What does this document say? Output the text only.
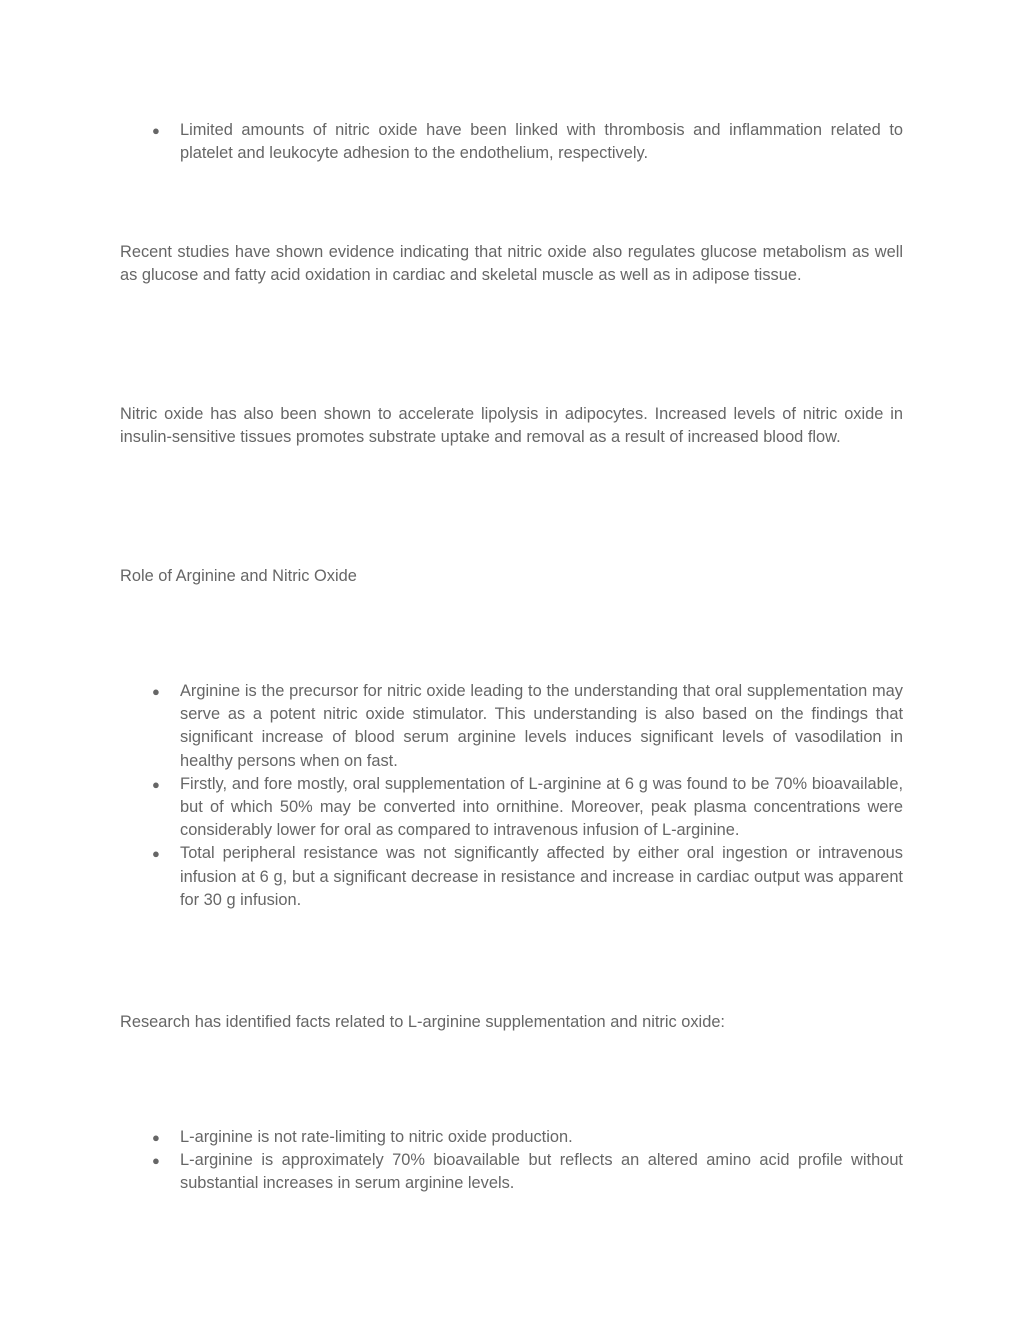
● Limited amounts of nitric oxide have been linked with thrombosis and inflammation related to platelet and leukocyte adhesion to the endothelium, respectively.

Recent studies have shown evidence indicating that nitric oxide also regulates glucose metabolism as well as glucose and fatty acid oxidation in cardiac and skeletal muscle as well as in adipose tissue.

Nitric oxide has also been shown to accelerate lipolysis in adipocytes. Increased levels of nitric oxide in insulin-sensitive tissues promotes substrate uptake and removal as a result of increased blood flow.

Role of Arginine and Nitric Oxide

● Arginine is the precursor for nitric oxide leading to the understanding that oral supplementation may serve as a potent nitric oxide stimulator. This understanding is also based on the findings that significant increase of blood serum arginine levels induces significant levels of vasodilation in healthy persons when on fast.
● Firstly, and fore mostly, oral supplementation of L-arginine at 6 g was found to be 70% bioavailable, but of which 50% may be converted into ornithine. Moreover, peak plasma concentrations were considerably lower for oral as compared to intravenous infusion of L-arginine.
● Total peripheral resistance was not significantly affected by either oral ingestion or intravenous infusion at 6 g, but a significant decrease in resistance and increase in cardiac output was apparent for 30 g infusion.

Research has identified facts related to L-arginine supplementation and nitric oxide:

● L-arginine is not rate-limiting to nitric oxide production.
● L-arginine is approximately 70% bioavailable but reflects an altered amino acid profile without substantial increases in serum arginine levels.
